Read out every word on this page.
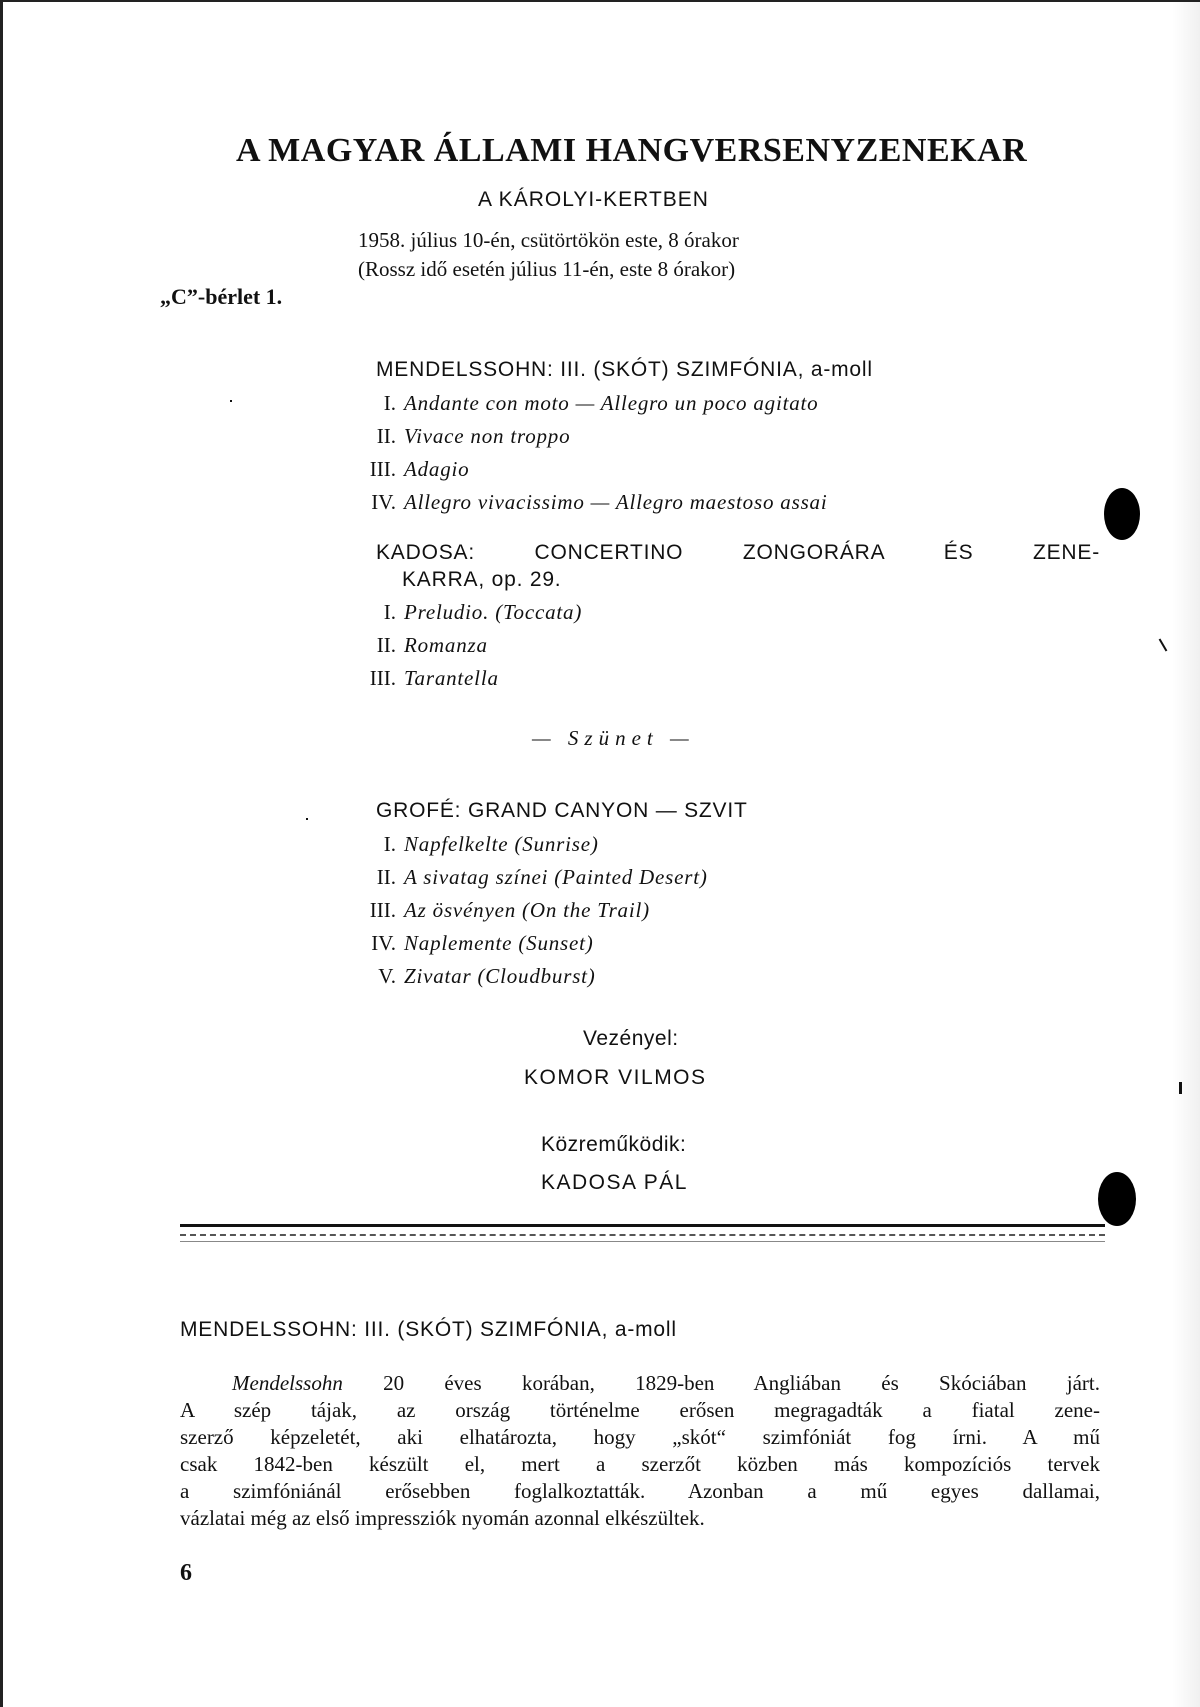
A MAGYAR ÁLLAMI HANGVERSENYZENEKAR
A KÁROLYI-KERTBEN
1958. július 10-én, csütörtökön este, 8 órakor
(Rossz idő esetén július 11-én, este 8 órakor)
„C”-bérlet 1.
MENDELSSOHN: III. (SKÓT) SZIMFÓNIA, a-moll
I. Andante con moto — Allegro un poco agitato
II. Vivace non troppo
III. Adagio
IV. Allegro vivacissimo — Allegro maestoso assai
KADOSA: CONCERTINO ZONGORÁRA ÉS ZENE-
KARRA, op. 29.
I. Preludio. (Toccata)
II. Romanza
III. Tarantella
— Szünet —
GROFÉ: GRAND CANYON — SZVIT
I. Napfelkelte (Sunrise)
II. A sivatag színei (Painted Desert)
III. Az ösvényen (On the Trail)
IV. Naplemente (Sunset)
V. Zivatar (Cloudburst)
Vezényel:
KOMOR VILMOS
Közreműködik:
KADOSA PÁL
MENDELSSOHN: III. (SKÓT) SZIMFÓNIA, a-moll
Mendelssohn 20 éves korában, 1829-ben Angliában és Skóciában járt.
A szép tájak, az ország történelme erősen megragadták a fiatal zene-
szerző képzeletét, aki elhatározta, hogy „skót“ szimfóniát fog írni. A mű
csak 1842-ben készült el, mert a szerzőt közben más kompozíciós tervek
a szimfóniánál erősebben foglalkoztatták. Azonban a mű egyes dallamai,
vázlatai még az első impressziók nyomán azonnal elkészültek.
6
